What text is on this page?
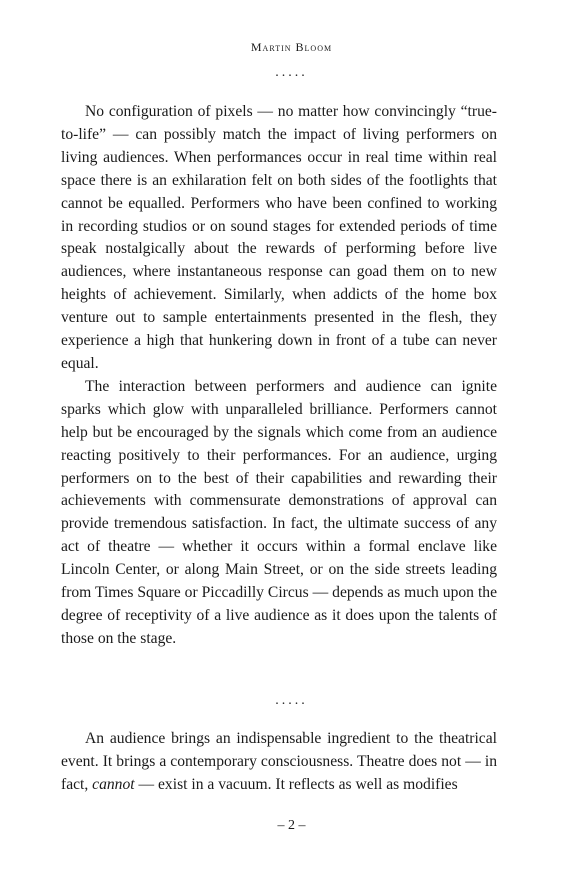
Martin Bloom
.....

No configuration of pixels — no matter how convincingly “true-to-life” — can possibly match the impact of living performers on living audiences. When performances occur in real time within real space there is an exhilaration felt on both sides of the footlights that cannot be equalled. Performers who have been confined to working in recording studios or on sound stages for extended periods of time speak nostalgically about the rewards of performing before live audiences, where instantaneous response can goad them on to new heights of achievement. Similarly, when addicts of the home box venture out to sample entertainments presented in the flesh, they experience a high that hunkering down in front of a tube can never equal.

The interaction between performers and audience can ignite sparks which glow with unparalleled brilliance. Performers cannot help but be encouraged by the signals which come from an audience reacting positively to their performances. For an audience, urging performers on to the best of their capabilities and rewarding their achievements with commensurate demonstrations of approval can provide tremendous satisfaction. In fact, the ultimate success of any act of theatre — whether it occurs within a formal enclave like Lincoln Center, or along Main Street, or on the side streets leading from Times Square or Piccadilly Circus — depends as much upon the degree of receptivity of a live audience as it does upon the talents of those on the stage.

.....

An audience brings an indispensable ingredient to the theatrical event. It brings a contemporary consciousness. Theatre does not — in fact, cannot — exist in a vacuum. It reflects as well as modifies

– 2 –
